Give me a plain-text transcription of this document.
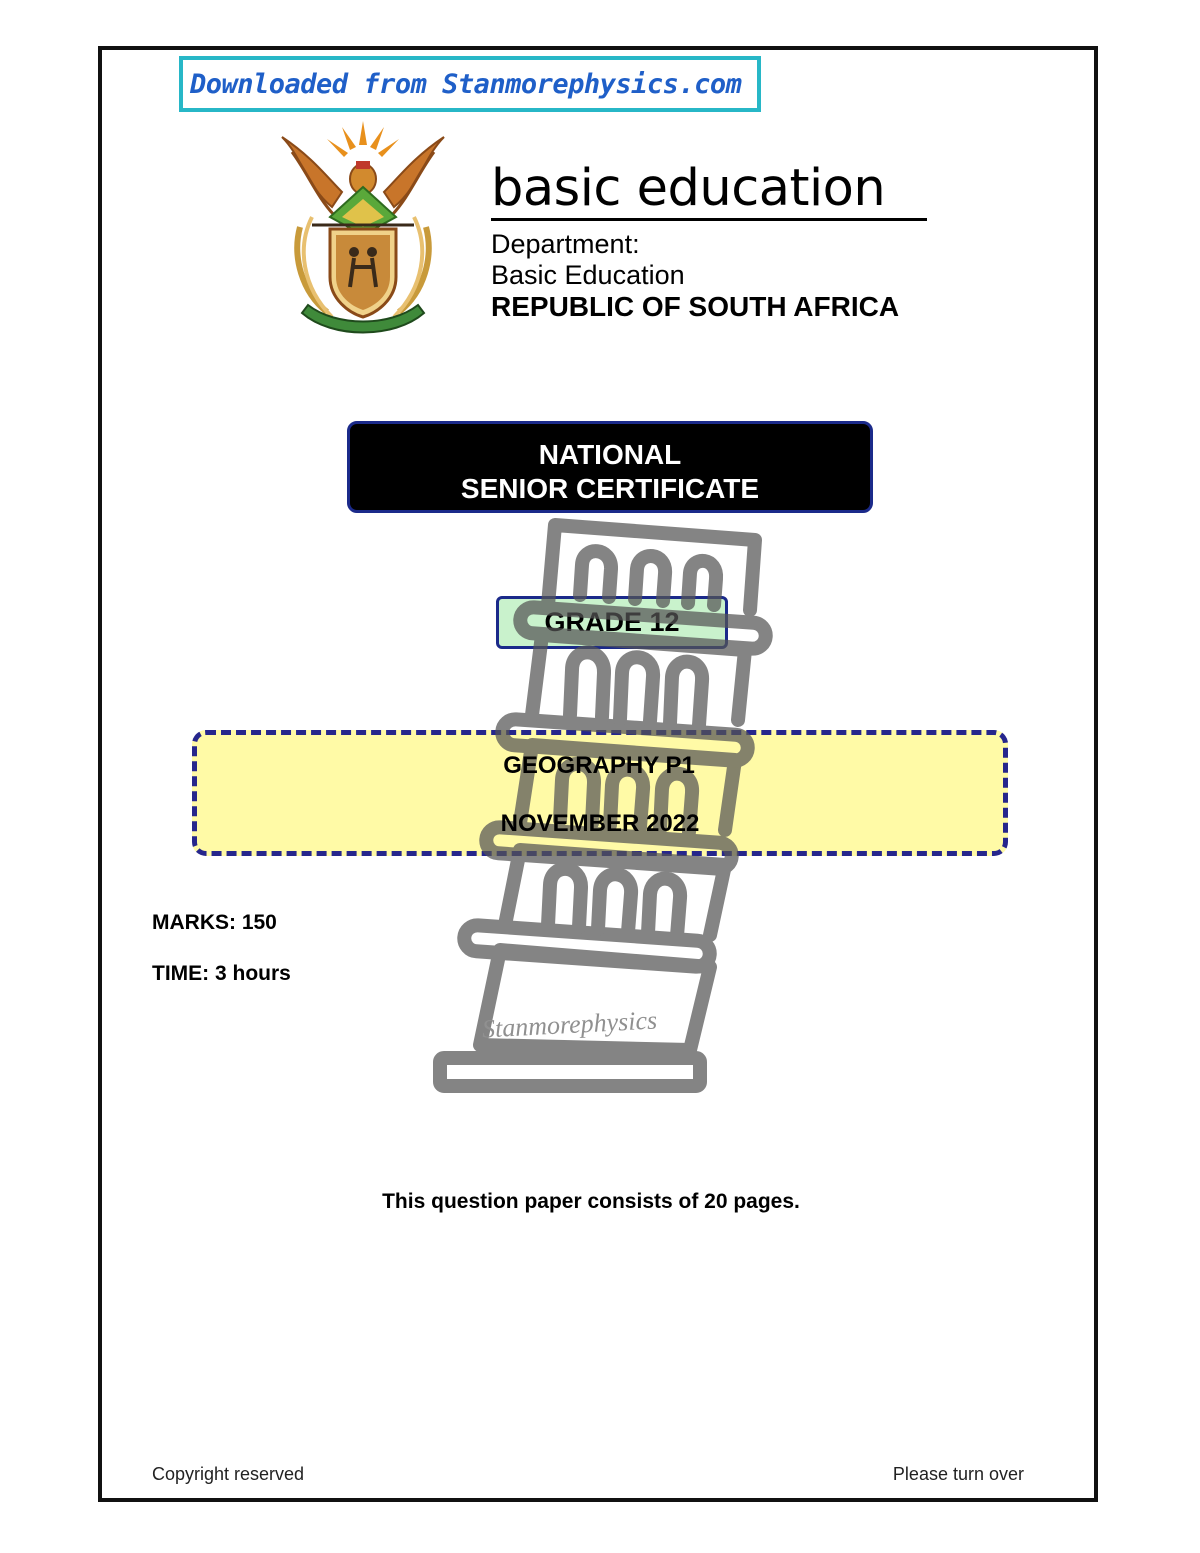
Downloaded from Stanmorephysics.com
basic education
Department:
Basic Education
REPUBLIC OF SOUTH AFRICA
NATIONAL
SENIOR CERTIFICATE
GRADE 12
GEOGRAPHY P1
NOVEMBER 2022
Stanmorephysics
MARKS: 150
TIME: 3 hours
This question paper consists of 20 pages.
Copyright reserved	Please turn over
